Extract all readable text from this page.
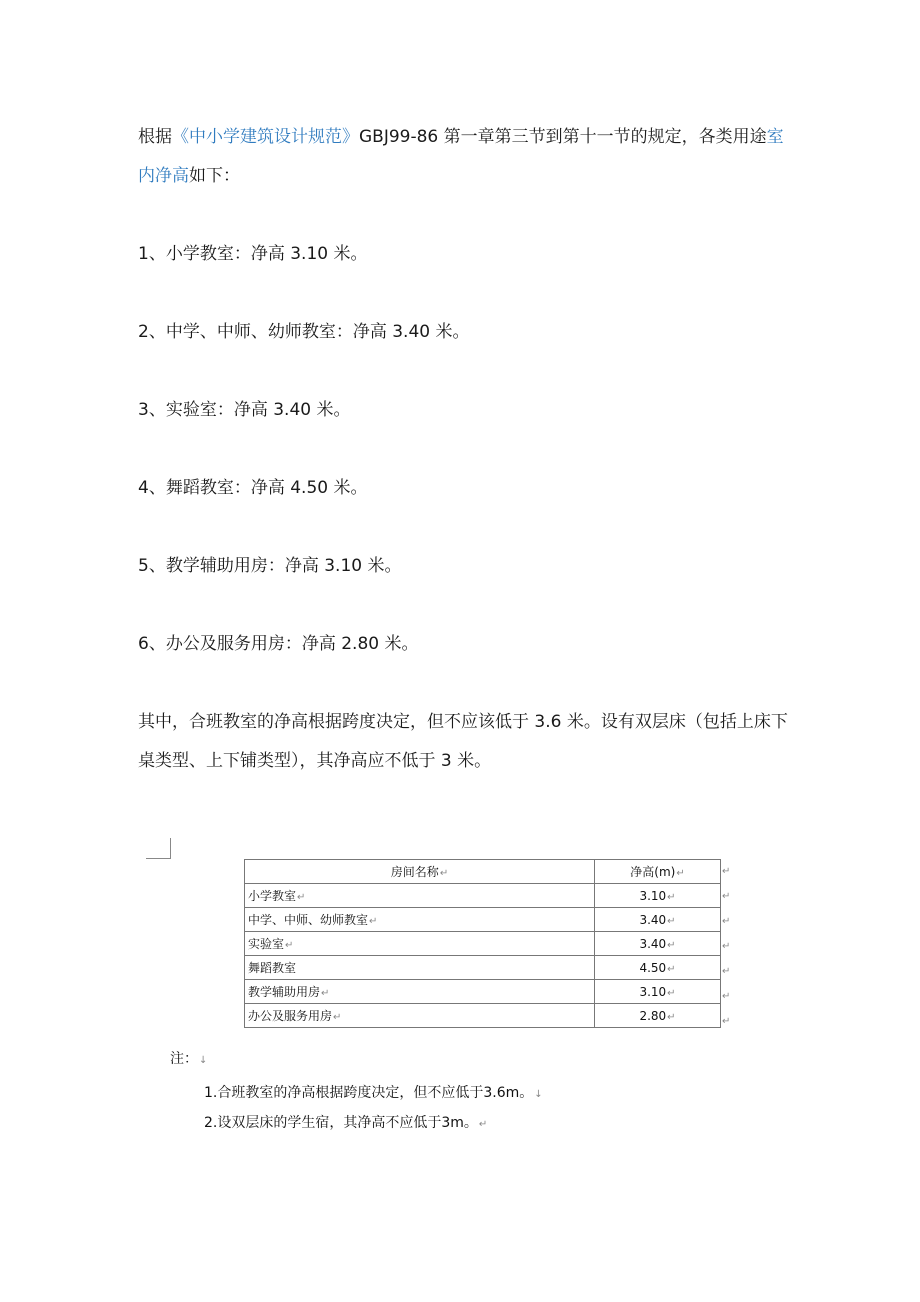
根据《中小学建筑设计规范》GBJ99-86 第一章第三节到第十一节的规定，各类用途室内净高如下：

1、小学教室：净高 3.10 米。

2、中学、中师、幼师教室：净高 3.40 米。

3、实验室：净高 3.40 米。

4、舞蹈教室：净高 4.50 米。

5、教学辅助用房：净高 3.10 米。

6、办公及服务用房：净高 2.80 米。

其中，合班教室的净高根据跨度决定，但不应该低于 3.6 米。设有双层床（包括上床下桌类型、上下铺类型），其净高应不低于 3 米。

房间名称↵	净高(m)↵
小学教室↵	3.10↵
中学、中师、幼师教室↵	3.40↵
实验室↵	3.40↵
舞蹈教室	4.50↵
教学辅助用房↵	3.10↵
办公及服务用房↵	2.80↵
↵
↵
↵
↵
↵
↵
↵
注：↓
1.合班教室的净高根据跨度决定，但不应低于3.6m。↓
2.设双层床的学生宿，其净高不应低于3m。↵
